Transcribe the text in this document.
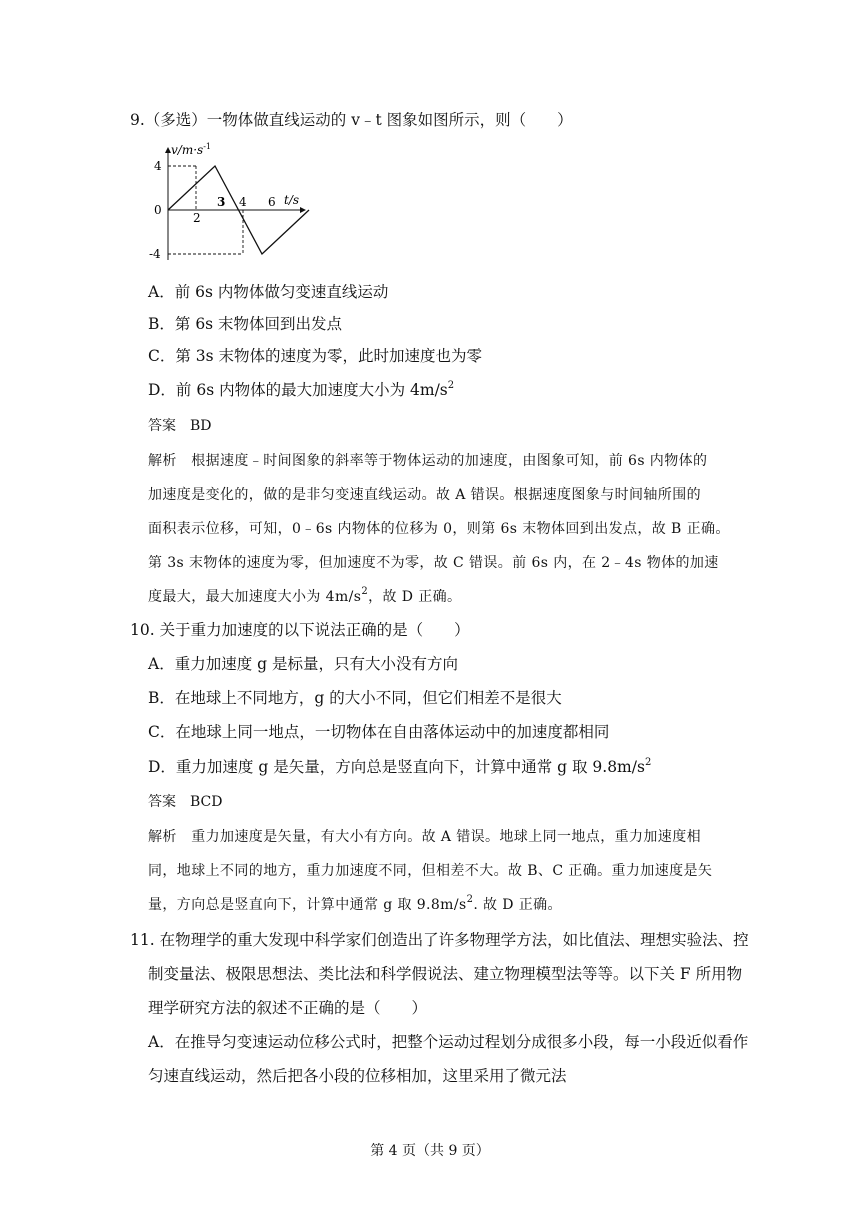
9.（多选）一物体做直线运动的 v﹣t 图象如图所示，则（　　）
$v/m\cdot s^{-1}$
t/s
4
0
-4
2
3 4 6
A．前 6s 内物体做匀变速直线运动
B．第 6s 末物体回到出发点
C．第 3s 末物体的速度为零，此时加速度也为零
D．前 6s 内物体的最大加速度大小为 $4m/s^2$
答案　BD
解析　根据速度﹣时间图象的斜率等于物体运动的加速度，由图象可知，前 6s 内物体的
加速度是变化的，做的是非匀变速直线运动。故 A 错误。根据速度图象与时间轴所围的
面积表示位移，可知，0﹣6s 内物体的位移为 0，则第 6s 末物体回到出发点，故 B 正确。
第 3s 末物体的速度为零，但加速度不为零，故 C 错误。前 6s 内，在 2﹣4s 物体的加速
度最大，最大加速度大小为 $4m/s^2$，故 D 正确。
10. 关于重力加速度的以下说法正确的是（　　）
A．重力加速度 g 是标量，只有大小没有方向
B．在地球上不同地方，g 的大小不同，但它们相差不是很大
C．在地球上同一地点，一切物体在自由落体运动中的加速度都相同
D．重力加速度 g 是矢量，方向总是竖直向下，计算中通常 g 取 $9.8m/s^2$
答案　BCD
解析　重力加速度是矢量，有大小有方向。故 A 错误。地球上同一地点，重力加速度相
同，地球上不同的地方，重力加速度不同，但相差不大。故 B、C 正确。重力加速度是矢
量，方向总是竖直向下，计算中通常 g 取 $9.8m/s^2$. 故 D 正确。
11. 在物理学的重大发现中科学家们创造出了许多物理学方法，如比值法、理想实验法、控
制变量法、极限思想法、类比法和科学假说法、建立物理模型法等等。以下关 F 所用物
理学研究方法的叙述不正确的是（　　）
A．在推导匀变速运动位移公式时，把整个运动过程划分成很多小段，每一小段近似看作
匀速直线运动，然后把各小段的位移相加，这里采用了微元法
第 4 页（共 9 页）
